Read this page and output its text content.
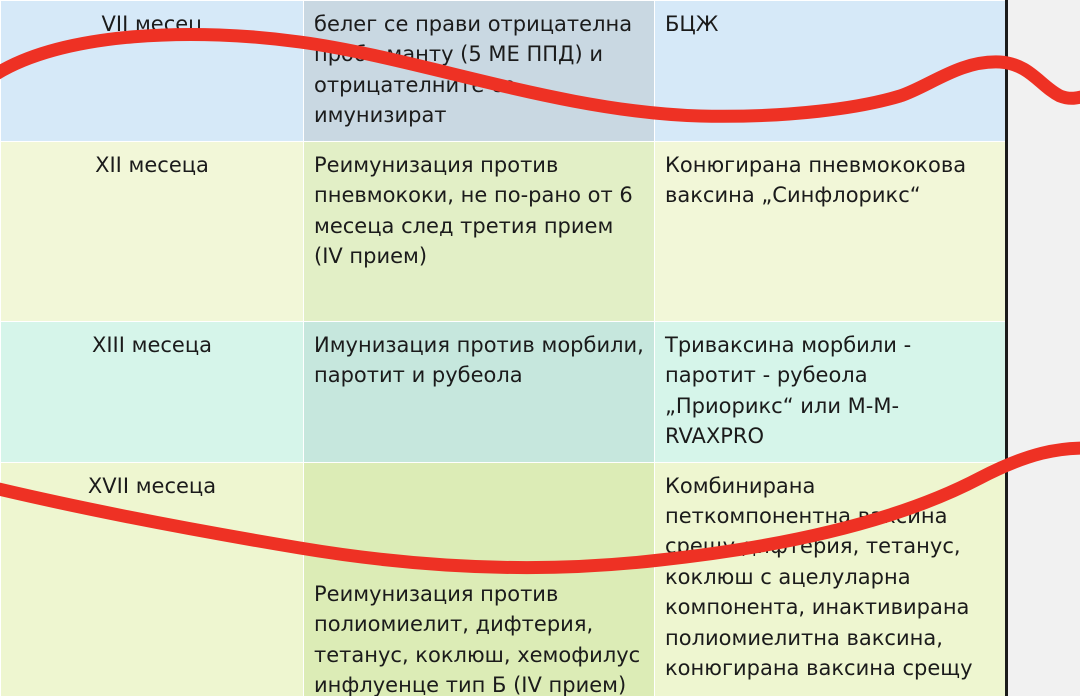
VII месец	белег се прави отрицателна проба манту (5 МЕ ППД) и отрицателните се имунизират	БЦЖ

XII месеца	Реимунизация против пневмококи, не по-рано от 6 месеца след третия прием (IV прием)	Конюгирана пневмококова ваксина „Синфлорикс“

XIII месеца	Имунизация против морбили, паротит и рубеола	Триваксина морбили - паротит - рубеола „Приорикс“ или M-M-RVAXPRO

XVII месеца	Реимунизация против полиомиелит, дифтерия, тетанус, коклюш, хемофилус инфлуенце тип Б (IV прием)	Комбинирана петкомпонентна ваксина срещу дифтерия, тетанус, коклюш с ацелуларна компонента, инактивирана полиомиелитна ваксина, конюгирана ваксина срещу
